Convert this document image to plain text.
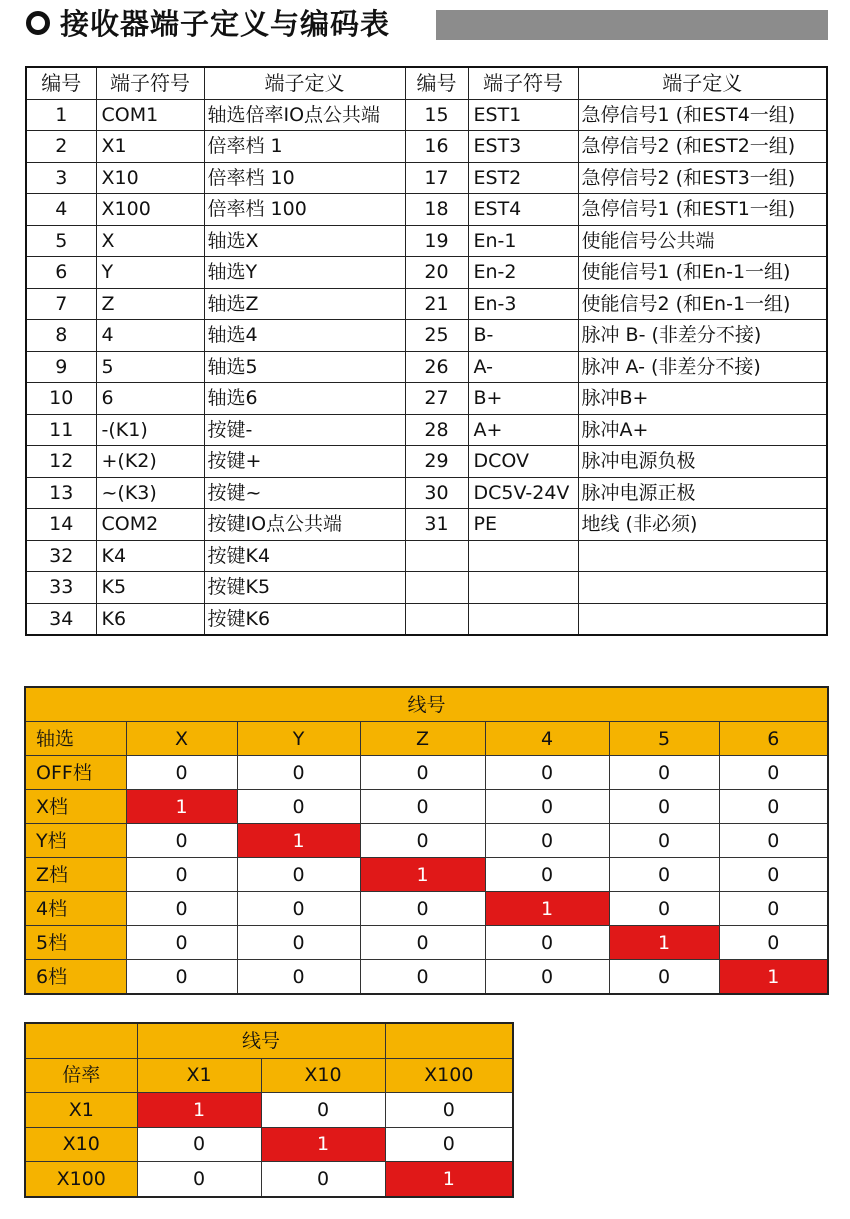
接收器端子定义与编码表
编号	端子符号	端子定义	编号	端子符号	端子定义
1	COM1	轴选倍率IO点公共端	15	EST1	急停信号1 (和EST4一组)
2	X1	倍率档 1	16	EST3	急停信号2 (和EST2一组)
3	X10	倍率档 10	17	EST2	急停信号2 (和EST3一组)
4	X100	倍率档 100	18	EST4	急停信号1 (和EST1一组)
5	X	轴选X	19	En-1	使能信号公共端
6	Y	轴选Y	20	En-2	使能信号1 (和En-1一组)
7	Z	轴选Z	21	En-3	使能信号2 (和En-1一组)
8	4	轴选4	25	B-	脉冲 B- (非差分不接)
9	5	轴选5	26	A-	脉冲 A- (非差分不接)
10	6	轴选6	27	B+	脉冲B+
11	-(K1)	按键-	28	A+	脉冲A+
12	+(K2)	按键+	29	DCOV	脉冲电源负极
13	~(K3)	按键~	30	DC5V-24V	脉冲电源正极
14	COM2	按键IO点公共端	31	PE	地线 (非必须)
32	K4	按键K4			
33	K5	按键K5			
34	K6	按键K6			
线号						
轴选	X	Y	Z	4	5	6
OFF档	0	0	0	0	0	0
X档	1	0	0	0	0	0
Y档	0	1	0	0	0	0
Z档	0	0	1	0	0	0
4档	0	0	0	1	0	0
5档	0	0	0	0	1	0
6档	0	0	0	0	0	1
	线号		
倍率	X1	X10	X100
X1	1	0	0
X10	0	1	0
X100	0	0	1
